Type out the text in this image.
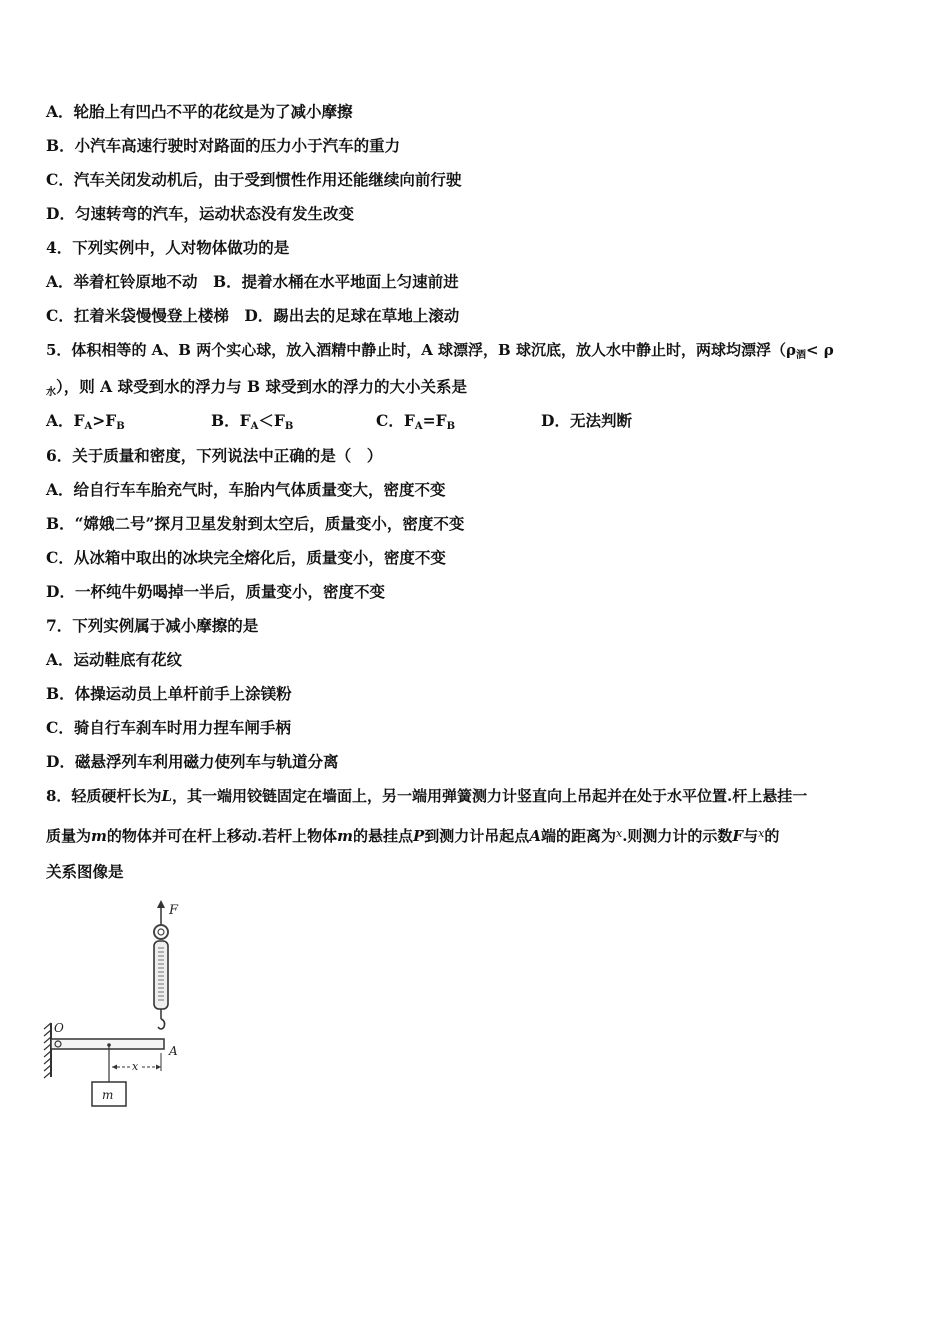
A．轮胎上有凹凸不平的花纹是为了减小摩擦
B．小汽车高速行驶时对路面的压力小于汽车的重力
C．汽车关闭发动机后，由于受到惯性作用还能继续向前行驶
D．匀速转弯的汽车，运动状态没有发生改变
4．下列实例中，人对物体做功的是
A．举着杠铃原地不动　B．提着水桶在水平地面上匀速前进
C．扛着米袋慢慢登上楼梯　D．踢出去的足球在草地上滚动
5．体积相等的 A、B 两个实心球，放入酒精中静止时，A 球漂浮，B 球沉底，放人水中静止时，两球均漂浮（$\rho_酒< \rho$
$_水$），则 A 球受到水的浮力与 B 球受到水的浮力的大小关系是
A．$F_A>F_B$	B．$F_A<F_B$	C．$F_A=F_B$	D．无法判断
6．关于质量和密度，下列说法中正确的是（　）
A．给自行车车胎充气时，车胎内气体质量变大，密度不变
B．“嫦娥二号”探月卫星发射到太空后，质量变小，密度不变
C．从冰箱中取出的冰块完全熔化后，质量变小，密度不变
D．一杯纯牛奶喝掉一半后，质量变小，密度不变
7．下列实例属于减小摩擦的是
A．运动鞋底有花纹
B．体操运动员上单杆前手上涂镁粉
C．骑自行车刹车时用力捏车闸手柄
D．磁悬浮列车利用磁力使列车与轨道分离
8．轻质硬杆长为L，其一端用铰链固定在墙面上，另一端用弹簧测力计竖直向上吊起并在处于水平位置.杆上悬挂一
质量为m的物体并可在杆上移动.若杆上物体m的悬挂点P到测力计吊起点A端的距离为$^x$.则测力计的示数F与$^x$的
关系图像是
F
O
A
m
x
